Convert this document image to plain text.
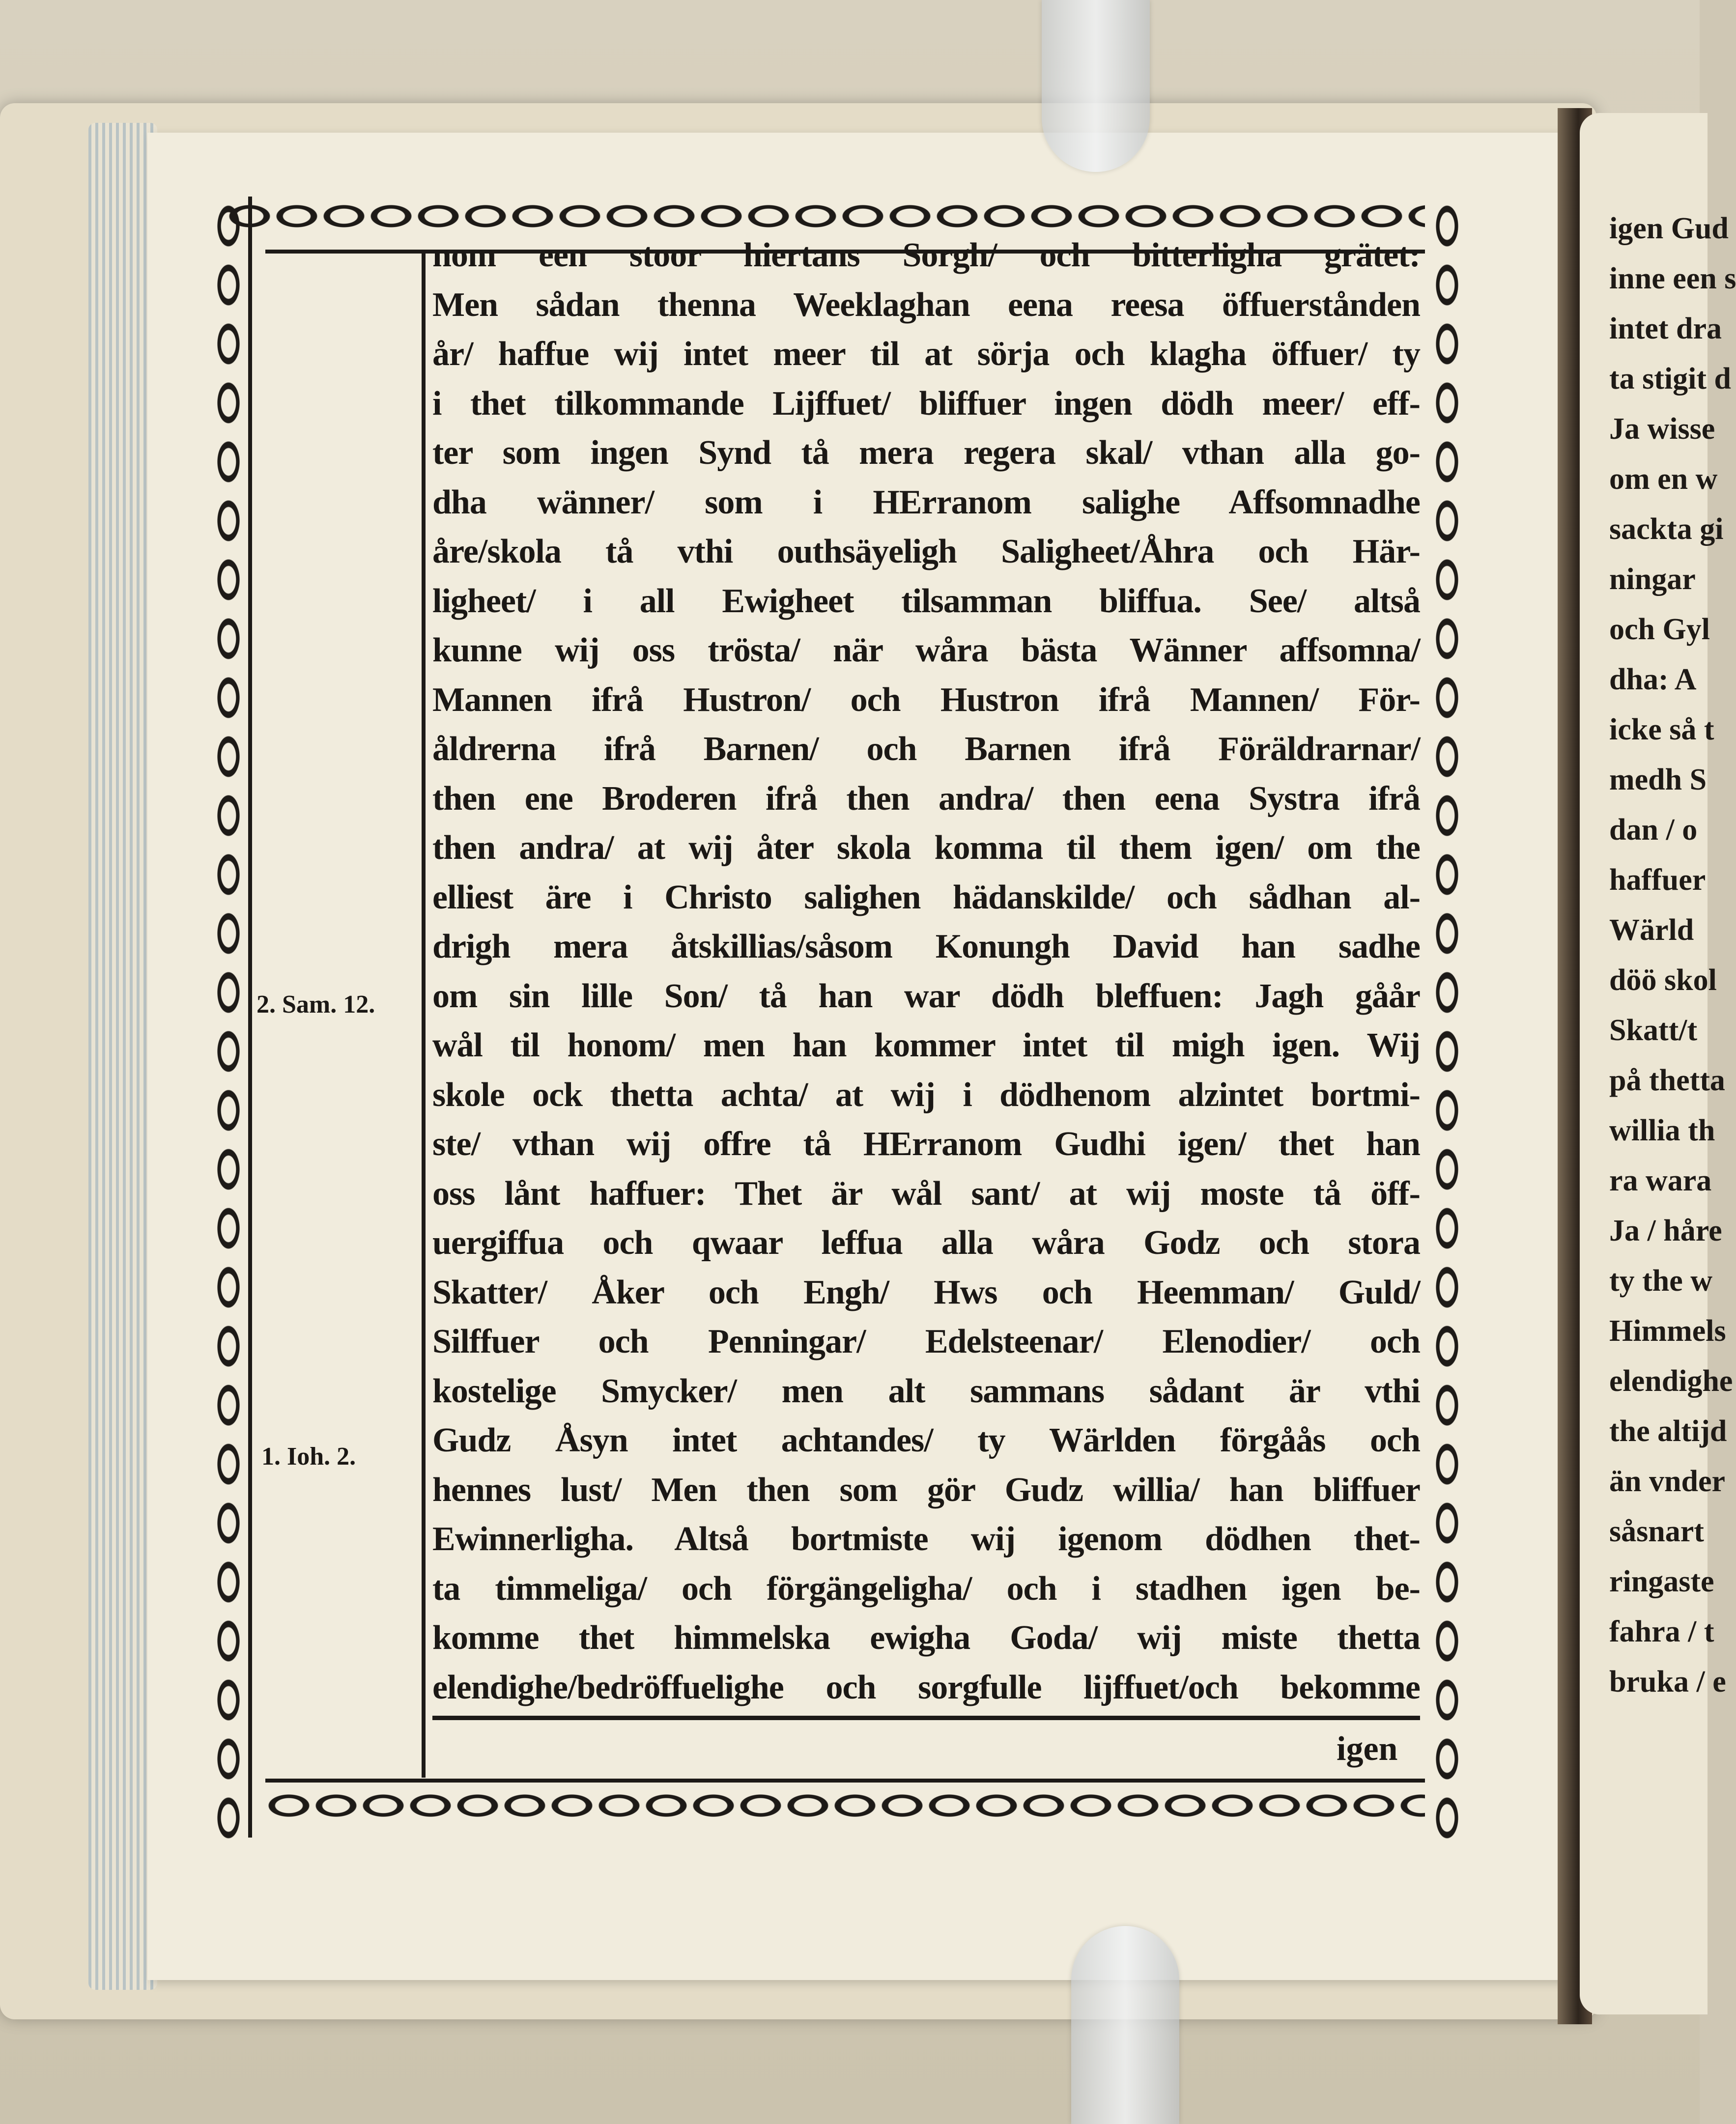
igen Gud
inne een s
intet dra
ta stigit d
Ja wisse
om en w
sackta gi
ningar
och Gyl
dha: A
icke så t
medh S
dan / o
haffuer
Wärld
döö skol
Skatt/t
på thetta
willia th
ra wara
Ja / håre
ty the w
Himmels
elendighe
the altijd
än vnder
såsnart
ringaste
fahra / t
bruka / e
nom een stoor hiertans Sorgh/ och bitterligha grätet:
Men sådan thenna Weeklaghan eena reesa öffuerstånden
år/ haffue wij intet meer til at sörja och klagha öffuer/ ty
i thet tilkommande Lijffuet/ bliffuer ingen dödh meer/ eff-
ter som ingen Synd tå mera regera skal/ vthan alla go-
dha wänner/ som i HErranom salighe Affsomnadhe
åre/skola tå vthi outhsäyeligh Saligheet/Åhra och Här-
ligheet/ i all Ewigheet tilsamman bliffua. See/ altså
kunne wij oss trösta/ när wåra bästa Wänner affsomna/
Mannen ifrå Hustron/ och Hustron ifrå Mannen/ För-
åldrerna ifrå Barnen/ och Barnen ifrå Föräldrarnar/
then ene Broderen ifrå then andra/ then eena Systra ifrå
then andra/ at wij åter skola komma til them igen/ om the
elliest äre i Christo salighen hädanskilde/ och sådhan al-
drigh mera åtskillias/såsom Konungh David han sadhe
om sin lille Son/ tå han war dödh bleffuen: Jagh gåår
wål til honom/ men han kommer intet til migh igen. Wij
skole ock thetta achta/ at wij i dödhenom alzintet bortmi-
ste/ vthan wij offre tå HErranom Gudhi igen/ thet han
oss lånt haffuer: Thet är wål sant/ at wij moste tå öff-
uergiffua och qwaar leffua alla wåra Godz och stora
Skatter/ Åker och Engh/ Hws och Heemman/ Guld/
Silffuer och Penningar/ Edelsteenar/ Elenodier/ och
kostelige Smycker/ men alt sammans sådant är vthi
Gudz Åsyn intet achtandes/ ty Wärlden förgåås och
hennes lust/ Men then som gör Gudz willia/ han bliffuer
Ewinnerligha. Altså bortmiste wij igenom dödhen thet-
ta timmeliga/ och förgängeligha/ och i stadhen igen be-
komme thet himmelska ewigha Goda/ wij miste thetta
elendighe/bedröffuelighe och sorgfulle lijffuet/och bekomme
2. Sam. 12.
1. Ioh. 2.
igen
